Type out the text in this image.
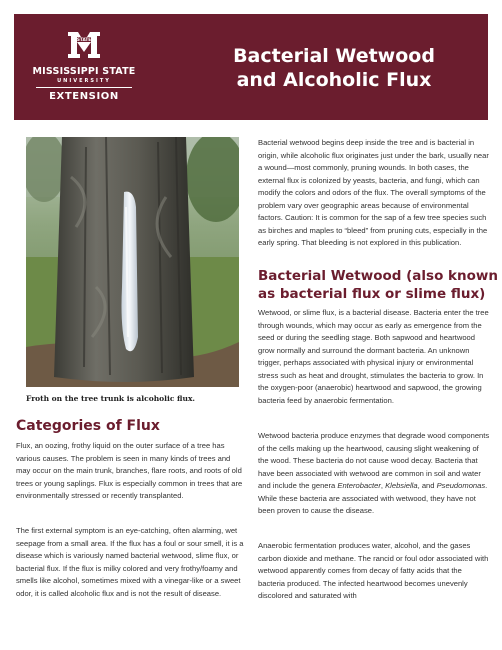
STATE
MISSISSIPPI STATE
UNIVERSITY
EXTENSION
Bacterial Wetwood
and Alcoholic Flux
Froth on the tree trunk is alcoholic flux.
Categories of Flux

Flux, an oozing, frothy liquid on the outer surface of a tree has various causes. The problem is seen in many kinds of trees and may occur on the main trunk, branches, flare roots, and roots of old trees or young saplings. Flux is especially common in trees that are environmentally stressed or recently transplanted.

The first external symptom is an eye-catching, often alarming, wet seepage from a small area. If the flux has a foul or sour smell, it is a disease which is variously named bacterial wetwood, slime flux, or bacterial flux. If the flux is milky colored and very frothy/foamy and smells like alcohol, sometimes mixed with a vinegar-like or a sweet odor, it is called alcoholic flux and is not the result of disease.

Bacterial wetwood begins deep inside the tree and is bacterial in origin, while alcoholic flux originates just under the bark, usually near a wound—most commonly, pruning wounds. In both cases, the external flux is colonized by yeasts, bacteria, and fungi, which can modify the colors and odors of the flux. The overall symptoms of the problem vary over geographic areas because of environmental factors. Caution: It is common for the sap of a few tree species such as birches and maples to “bleed” from pruning cuts, especially in the early spring. That bleeding is not explored in this publication.

Bacterial Wetwood (also known
as bacterial flux or slime flux)

Wetwood, or slime flux, is a bacterial disease. Bacteria enter the tree through wounds, which may occur as early as emergence from the seed or during the seedling stage. Both sapwood and heartwood grow normally and surround the dormant bacteria. An unknown trigger, perhaps associated with physical injury or environmental stress such as heat and drought, stimulates the bacteria to grow. In the oxygen-poor (anaerobic) heartwood and sapwood, the growing bacteria feed by anaerobic fermentation.

Wetwood bacteria produce enzymes that degrade wood components of the cells making up the heartwood, causing slight weakening of the wood. These bacteria do not cause wood decay. Bacteria that have been associated with wetwood are common in soil and water and include the genera Enterobacter, Klebsiella, and Pseudomonas. While these bacteria are associated with wetwood, they have not been proven to cause the disease.

Anaerobic fermentation produces water, alcohol, and the gases carbon dioxide and methane. The rancid or foul odor associated with wetwood apparently comes from decay of fatty acids that the bacteria produced. The infected heartwood becomes unevenly discolored and saturated with
